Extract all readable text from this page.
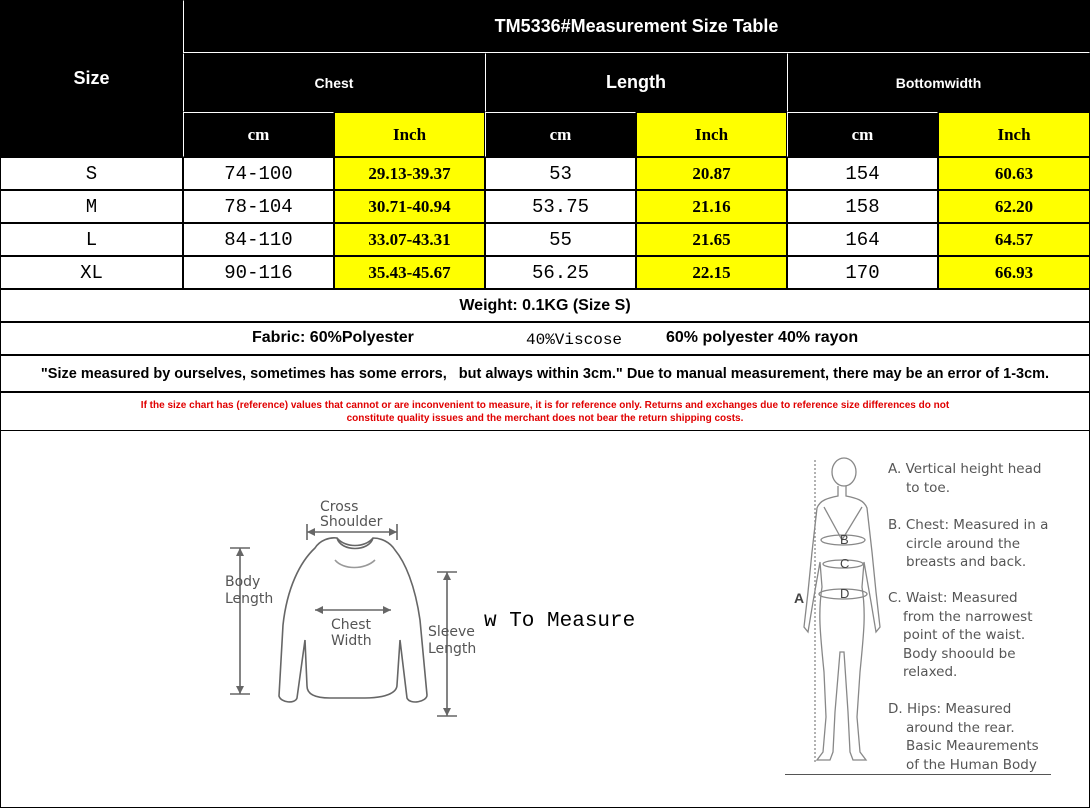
Size
TM5336#Measurement Size Table
Chest	Length	Bottomwidth
cm	Inch	cm	Inch	cm	Inch
S	74-100	29.13-39.37	53	20.87	154	60.63
M	78-104	30.71-40.94	53.75	21.16	158	62.20
L	84-110	33.07-43.31	55	21.65	164	64.57
XL	90-116	35.43-45.67	56.25	22.15	170	66.93
Weight: 0.1KG (Size S)
Fabric: 60%Polyester	40%Viscose	60% polyester 40% rayon
"Size measured by ourselves, sometimes has some errors,   but always within 3cm." Due to manual measurement, there may be an error of 1-3cm.
If the size chart has (reference) values that cannot or are inconvenient to measure, it is for reference only. Returns and exchanges due to reference size differences do not
constitute quality issues and the merchant does not bear the return shipping costs.
Cross
Shoulder
Body
Length
Chest
Width
Sleeve
Length
w To Measure
A
B
C
D
A. Vertical height head
to toe.
B. Chest: Measured in a
circle around the
breasts and back.
C. Waist: Measured
from the narrowest
point of the waist.
Body shoould be
relaxed.
D. Hips: Measured
around the rear.
Basic Meaurements
of the Human Body
